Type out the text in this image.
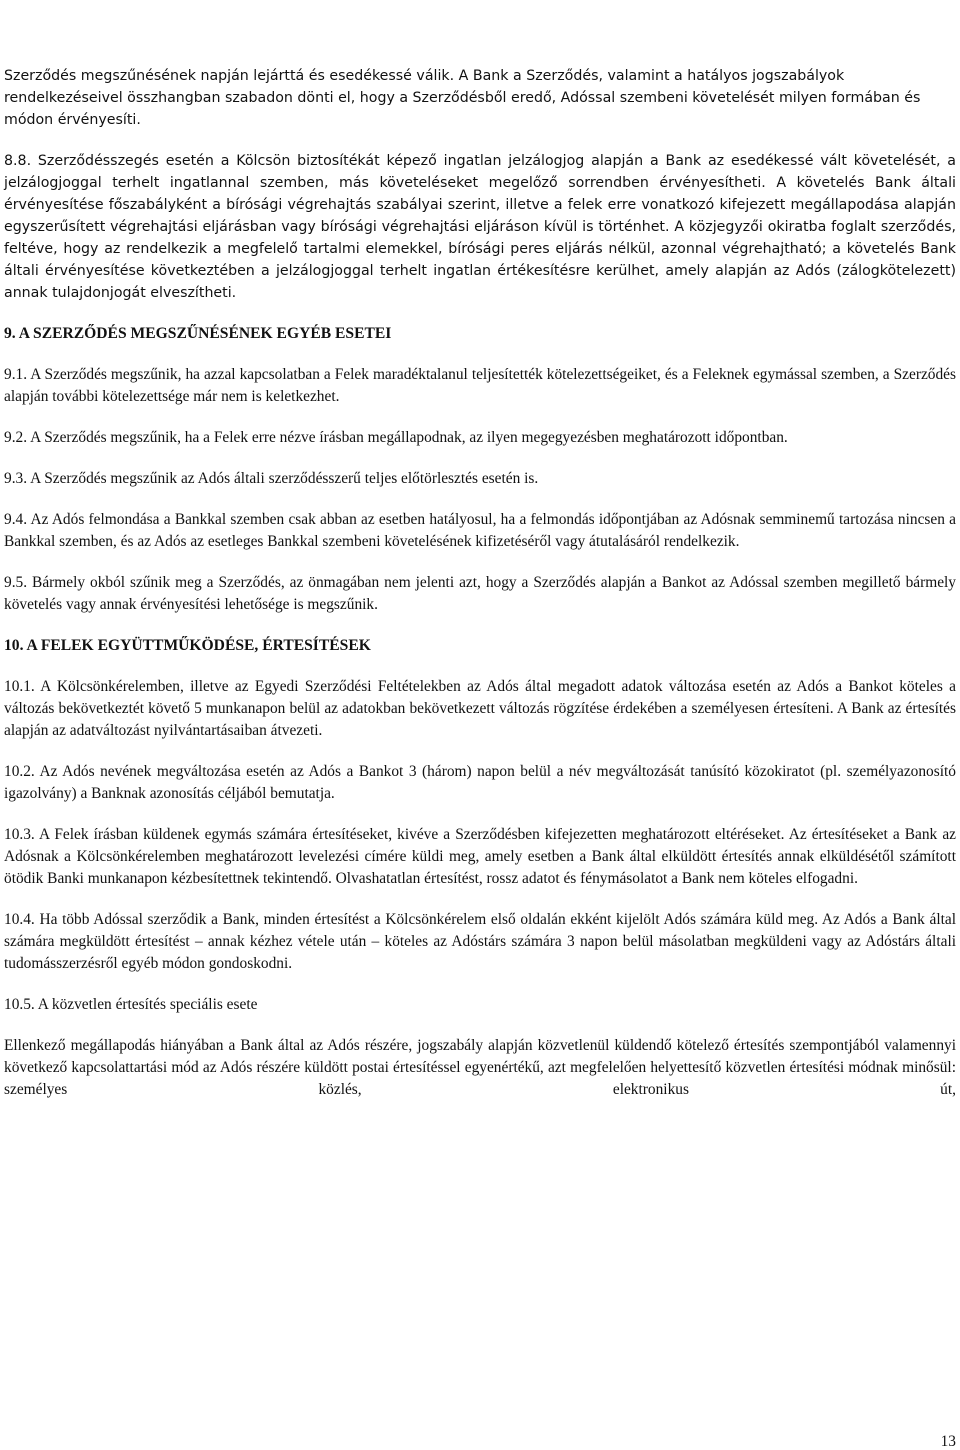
Szerződés megszűnésének napján lejárttá és esedékessé válik. A Bank a Szerződés, valamint a hatályos jogszabályok rendelkezéseivel összhangban szabadon dönti el, hogy a Szerződésből eredő, Adóssal szembeni követelését milyen formában és módon érvényesíti.

8.8. Szerződésszegés esetén a Kölcsön biztosítékát képező ingatlan jelzálogjog alapján a Bank az esedékessé vált követelését, a jelzálogjoggal terhelt ingatlannal szemben, más követeléseket megelőző sorrendben érvényesítheti. A követelés Bank általi érvényesítése főszabályként a bírósági végrehajtás szabályai szerint, illetve a felek erre vonatkozó kifejezett megállapodása alapján egyszerűsített végrehajtási eljárásban vagy bírósági végrehajtási eljáráson kívül is történhet. A közjegyzői okiratba foglalt szerződés, feltéve, hogy az rendelkezik a megfelelő tartalmi elemekkel, bírósági peres eljárás nélkül, azonnal végrehajtható; a követelés Bank általi érvényesítése következtében a jelzálogjoggal terhelt ingatlan értékesítésre kerülhet, amely alapján az Adós (zálogkötelezett) annak tulajdonjogát elveszítheti.

9. A SZERZŐDÉS MEGSZŰNÉSÉNEK EGYÉB ESETEI

9.1. A Szerződés megszűnik, ha azzal kapcsolatban a Felek maradéktalanul teljesítették kötelezettségeiket, és a Feleknek egymással szemben, a Szerződés alapján további kötelezettsége már nem is keletkezhet.

9.2. A Szerződés megszűnik, ha a Felek erre nézve írásban megállapodnak, az ilyen megegyezésben meghatározott időpontban.

9.3. A Szerződés megszűnik az Adós általi szerződésszerű teljes előtörlesztés esetén is.

9.4. Az Adós felmondása a Bankkal szemben csak abban az esetben hatályosul, ha a felmondás időpontjában az Adósnak semminemű tartozása nincsen a Bankkal szemben, és az Adós az esetleges Bankkal szembeni követelésének kifizetéséről vagy átutalásáról rendelkezik.

9.5. Bármely okból szűnik meg a Szerződés, az önmagában nem jelenti azt, hogy a Szerződés alapján a Bankot az Adóssal szemben megillető bármely követelés vagy annak érvényesítési lehetősége is megszűnik.

10. A FELEK EGYÜTTMŰKÖDÉSE, ÉRTESÍTÉSEK

10.1. A Kölcsönkérelemben, illetve az Egyedi Szerződési Feltételekben az Adós által megadott adatok változása esetén az Adós a Bankot köteles a változás bekövetkeztét követő 5 munkanapon belül az adatokban bekövetkezett változás rögzítése érdekében a személyesen értesíteni. A Bank az értesítés alapján az adatváltozást nyilvántartásaiban átvezeti.

10.2. Az Adós nevének megváltozása esetén az Adós a Bankot 3 (három) napon belül a név megváltozását tanúsító közokiratot (pl. személyazonosító igazolvány) a Banknak azonosítás céljából bemutatja.

10.3. A Felek írásban küldenek egymás számára értesítéseket, kivéve a Szerződésben kifejezetten meghatározott eltéréseket. Az értesítéseket a Bank az Adósnak a Kölcsönkérelemben meghatározott levelezési címére küldi meg, amely esetben a Bank által elküldött értesítés annak elküldésétől számított ötödik Banki munkanapon kézbesítettnek tekintendő. Olvashatatlan értesítést, rossz adatot és fénymásolatot a Bank nem köteles elfogadni.

10.4. Ha több Adóssal szerződik a Bank, minden értesítést a Kölcsönkérelem első oldalán ekként kijelölt Adós számára küld meg. Az Adós a Bank által számára megküldött értesítést – annak kézhez vétele után – köteles az Adóstárs számára 3 napon belül másolatban megküldeni vagy az Adóstárs általi tudomásszerzésről egyéb módon gondoskodni.

10.5. A közvetlen értesítés speciális esete

Ellenkező megállapodás hiányában a Bank által az Adós részére, jogszabály alapján közvetlenül küldendő kötelező értesítés szempontjából valamennyi következő kapcsolattartási mód az Adós részére küldött postai értesítéssel egyenértékű, azt megfelelően helyettesítő közvetlen értesítési módnak minősül: személyes közlés, elektronikus út,

13
